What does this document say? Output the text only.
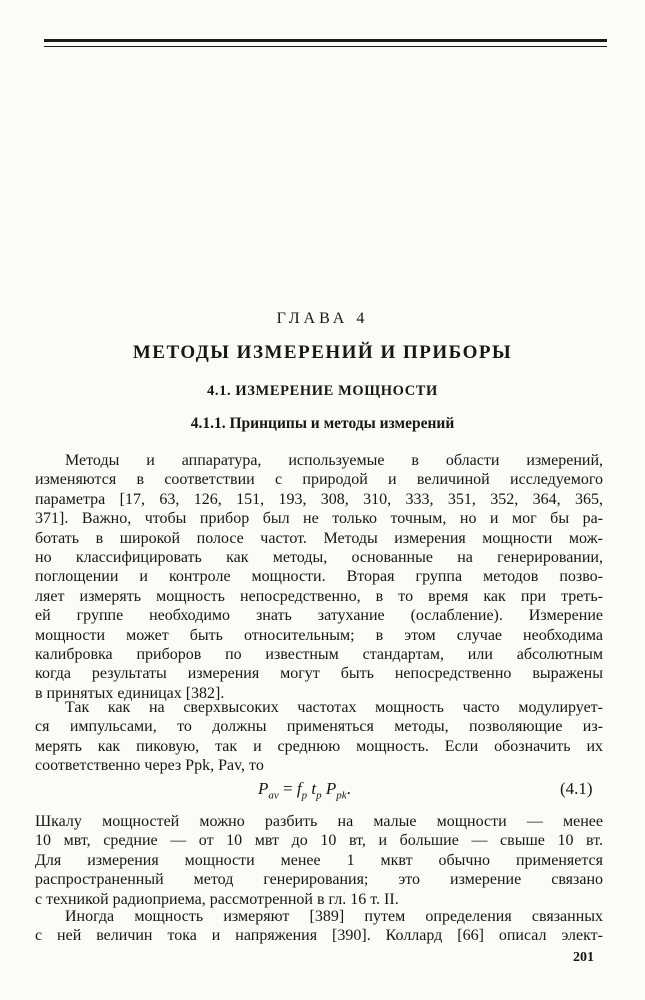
ГЛАВА 4
МЕТОДЫ ИЗМЕРЕНИЙ И ПРИБОРЫ
4.1. ИЗМЕРЕНИЕ МОЩНОСТИ
4.1.1. Принципы и методы измерений
Методы и аппаратура, используемые в области измерений,
изменяются в соответствии с природой и величиной исследуемого
параметра [17, 63, 126, 151, 193, 308, 310, 333, 351, 352, 364, 365,
371]. Важно, чтобы прибор был не только точным, но и мог бы ра-
ботать в широкой полосе частот. Методы измерения мощности мож-
но классифицировать как методы, основанные на генерировании,
поглощении и контроле мощности. Вторая группа методов позво-
ляет измерять мощность непосредственно, в то время как при треть-
ей группе необходимо знать затухание (ослабление). Измерение
мощности может быть относительным; в этом случае необходима
калибровка приборов по известным стандартам, или абсолютным
когда результаты измерения могут быть непосредственно выражены
в принятых единицах [382].
Так как на сверхвысоких частотах мощность часто модулирует-
ся импульсами, то должны применяться методы, позволяющие из-
мерять как пиковую, так и среднюю мощность. Если обозначить их
соответственно через Ppk, Pav, то
$P_{av} = f_p$ $t_p$ $P_{pk}$.	(4.1)
Шкалу мощностей можно разбить на малые мощности — менее
10 мвт, средние — от 10 мвт до 10 вт, и большие — свыше 10 вт.
Для измерения мощности менее 1 мквт обычно применяется
распространенный метод генерирования; это измерение связано
с техникой радиоприема, рассмотренной в гл. 16 т. II.
Иногда мощность измеряют [389] путем определения связанных
с ней величин тока и напряжения [390]. Коллард [66] описал элект-
201
